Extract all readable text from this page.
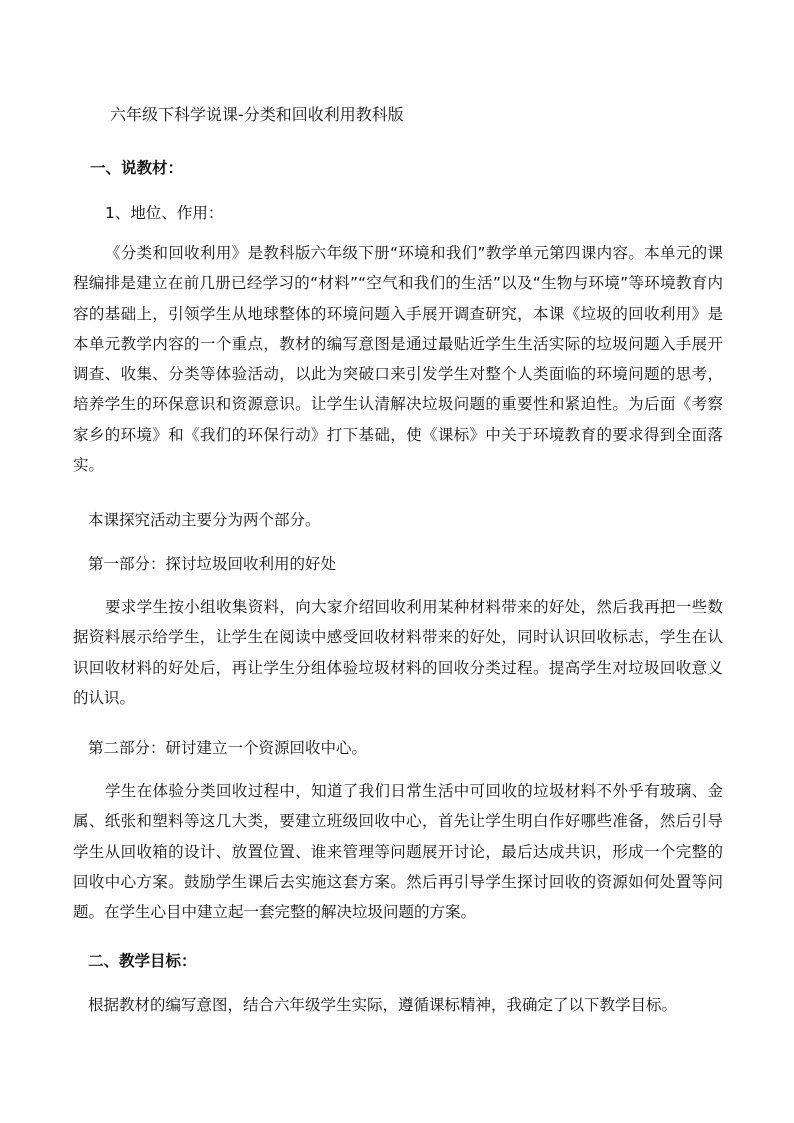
六年级下科学说课-分类和回收利用教科版
一、说教材：
1、地位、作用：
《分类和回收利用》是教科版六年级下册“环境和我们”教学单元第四课内容。本单元的课程编排是建立在前几册已经学习的“材料”“空气和我们的生活”以及“生物与环境”等环境教育内容的基础上，引领学生从地球整体的环境问题入手展开调查研究，本课《垃圾的回收利用》是本单元教学内容的一个重点，教材的编写意图是通过最贴近学生生活实际的垃圾问题入手展开调查、收集、分类等体验活动，以此为突破口来引发学生对整个人类面临的环境问题的思考，培养学生的环保意识和资源意识。让学生认清解决垃圾问题的重要性和紧迫性。为后面《考察家乡的环境》和《我们的环保行动》打下基础，使《课标》中关于环境教育的要求得到全面落实。
本课探究活动主要分为两个部分。
第一部分：探讨垃圾回收利用的好处
要求学生按小组收集资料，向大家介绍回收利用某种材料带来的好处，然后我再把一些数据资料展示给学生，让学生在阅读中感受回收材料带来的好处，同时认识回收标志，学生在认识回收材料的好处后，再让学生分组体验垃圾材料的回收分类过程。提高学生对垃圾回收意义的认识。
第二部分：研讨建立一个资源回收中心。
学生在体验分类回收过程中，知道了我们日常生活中可回收的垃圾材料不外乎有玻璃、金属、纸张和塑料等这几大类，要建立班级回收中心，首先让学生明白作好哪些准备，然后引导学生从回收箱的设计、放置位置、谁来管理等问题展开讨论，最后达成共识，形成一个完整的回收中心方案。鼓励学生课后去实施这套方案。然后再引导学生探讨回收的资源如何处置等问题。在学生心目中建立起一套完整的解决垃圾问题的方案。
二、教学目标：
根据教材的编写意图，结合六年级学生实际，遵循课标精神，我确定了以下教学目标。
